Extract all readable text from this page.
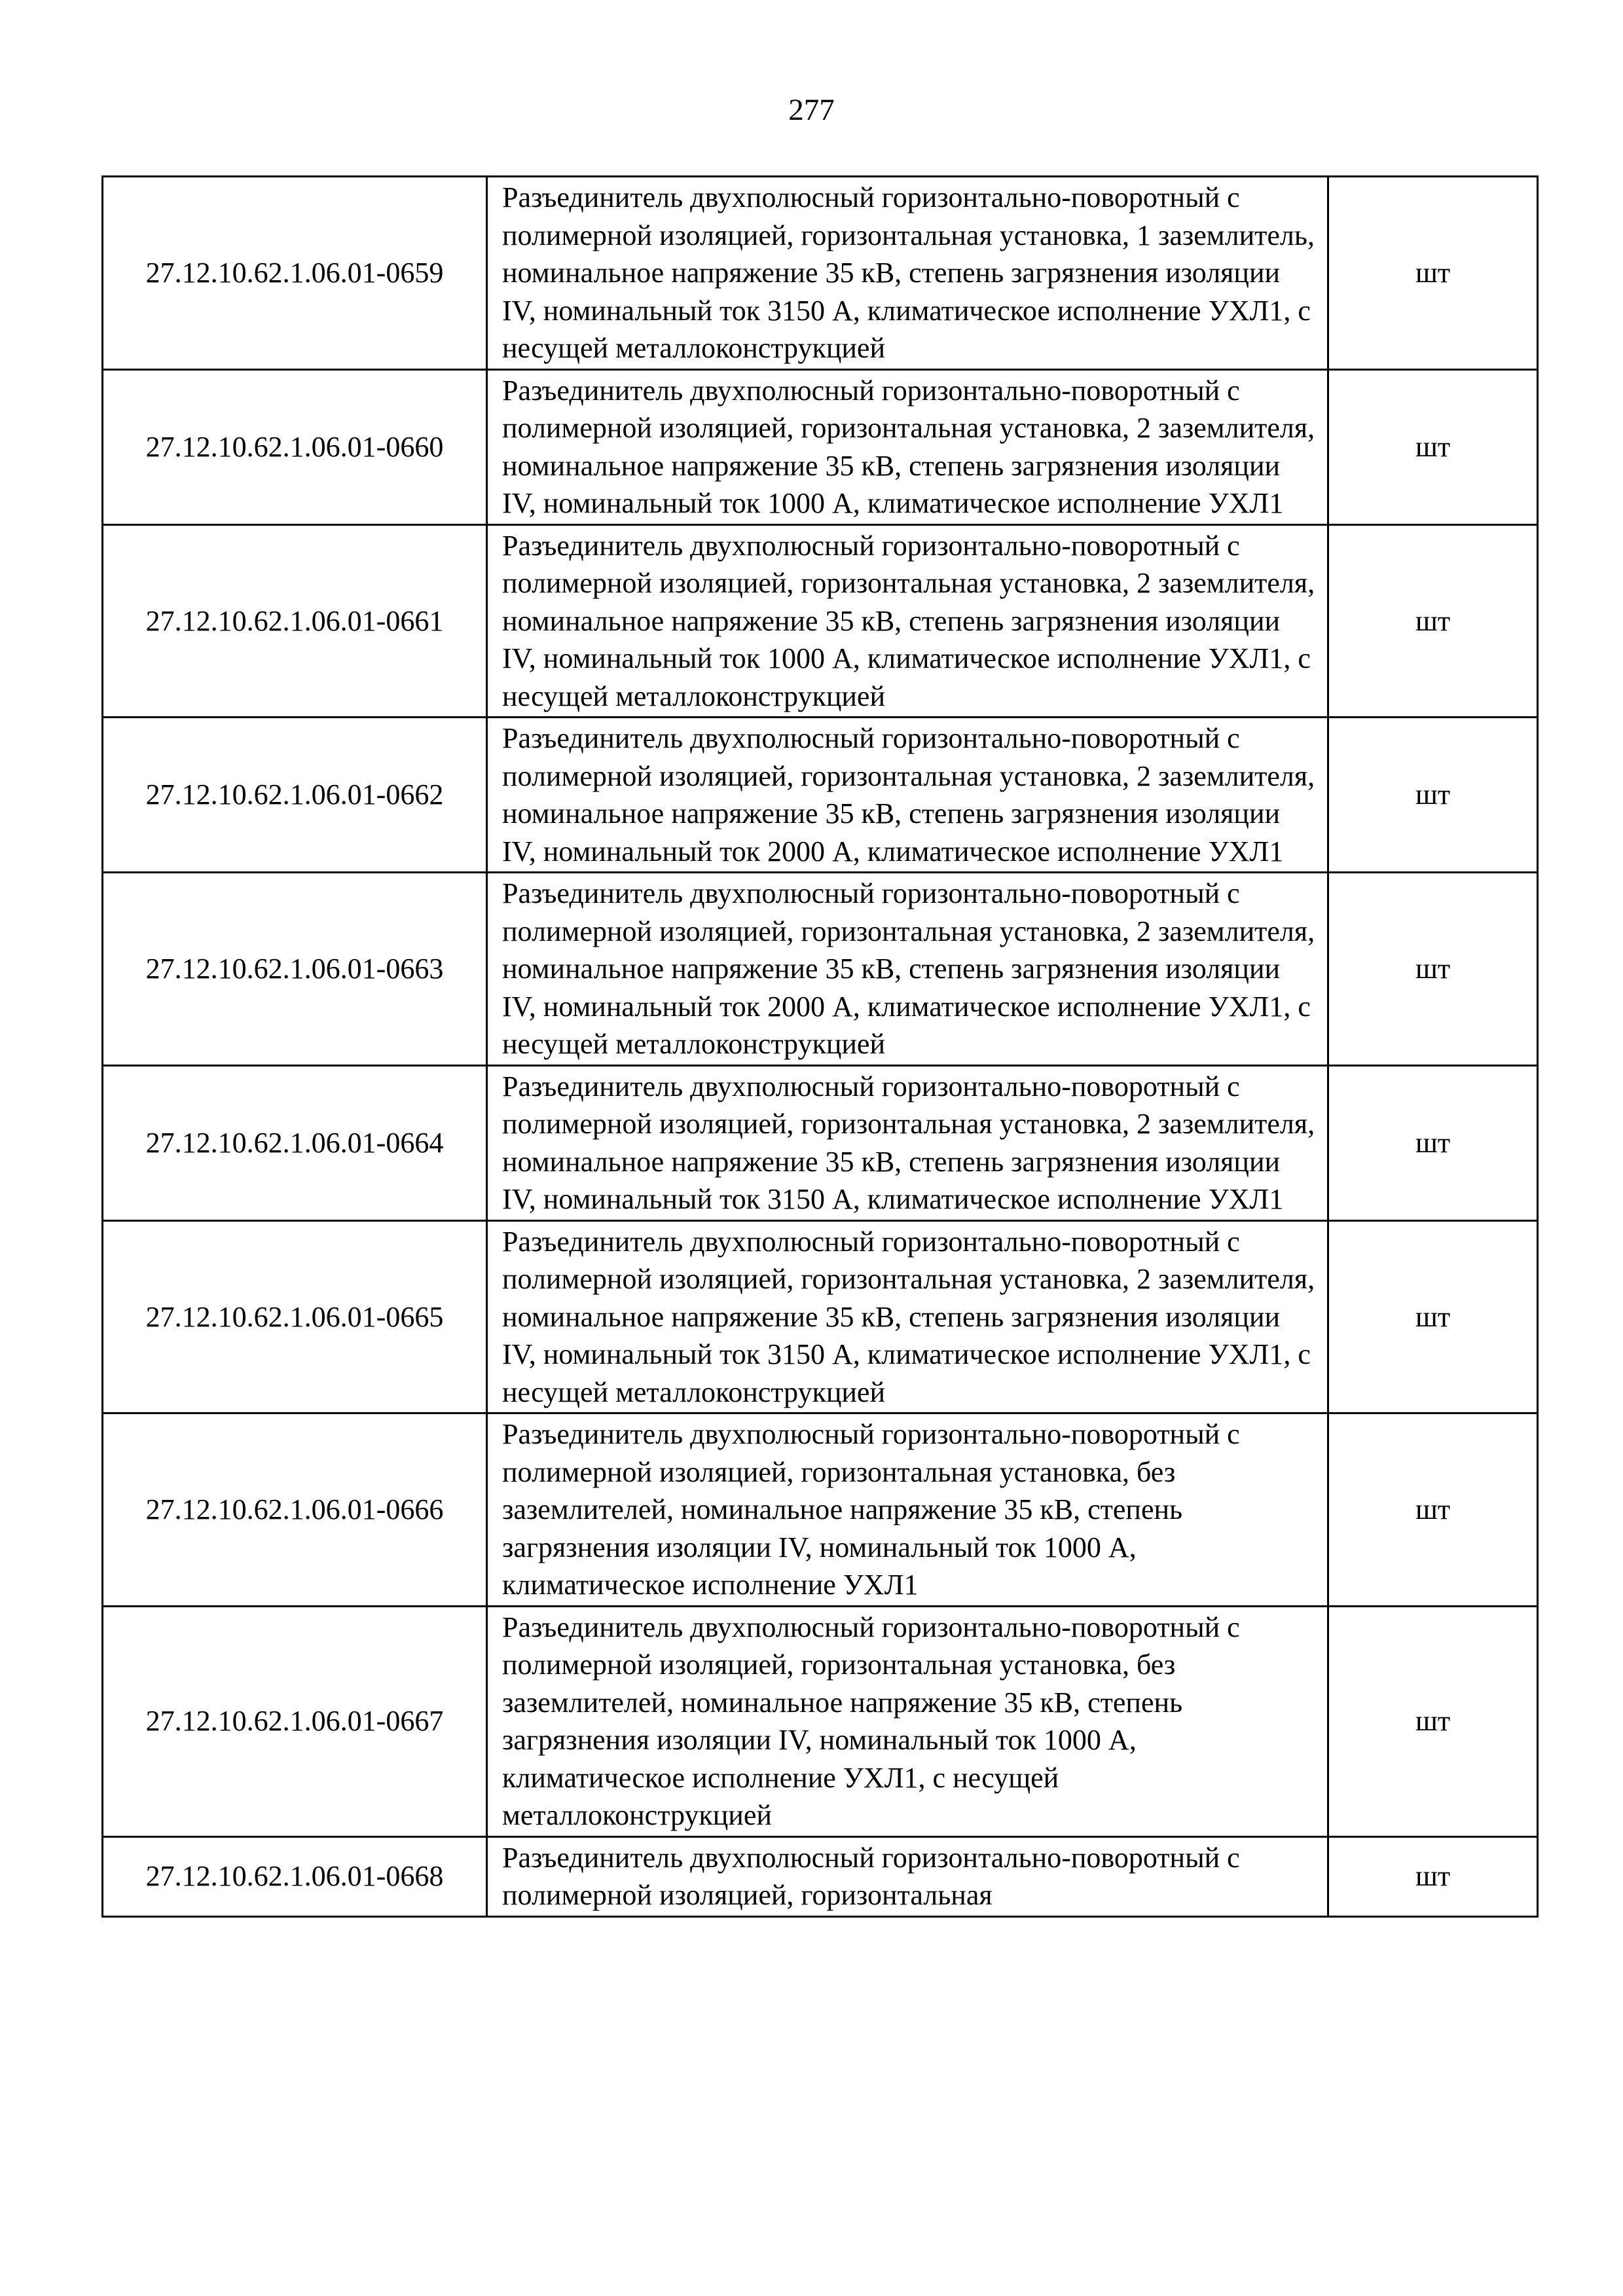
277
27.12.10.62.1.06.01-0659	Разъединитель двухполюсный горизонтально-поворотный с полимерной изоляцией, горизонтальная установка, 1 заземлитель, номинальное напряжение 35 кВ, степень загрязнения изоляции IV, номинальный ток 3150 А, климатическое исполнение УХЛ1, с несущей металлоконструкцией	шт
27.12.10.62.1.06.01-0660	Разъединитель двухполюсный горизонтально-поворотный с полимерной изоляцией, горизонтальная установка, 2 заземлителя, номинальное напряжение 35 кВ, степень загрязнения изоляции IV, номинальный ток 1000 А, климатическое исполнение УХЛ1	шт
27.12.10.62.1.06.01-0661	Разъединитель двухполюсный горизонтально-поворотный с полимерной изоляцией, горизонтальная установка, 2 заземлителя, номинальное напряжение 35 кВ, степень загрязнения изоляции IV, номинальный ток 1000 А, климатическое исполнение УХЛ1, с несущей металлоконструкцией	шт
27.12.10.62.1.06.01-0662	Разъединитель двухполюсный горизонтально-поворотный с полимерной изоляцией, горизонтальная установка, 2 заземлителя, номинальное напряжение 35 кВ, степень загрязнения изоляции IV, номинальный ток 2000 А, климатическое исполнение УХЛ1	шт
27.12.10.62.1.06.01-0663	Разъединитель двухполюсный горизонтально-поворотный с полимерной изоляцией, горизонтальная установка, 2 заземлителя, номинальное напряжение 35 кВ, степень загрязнения изоляции IV, номинальный ток 2000 А, климатическое исполнение УХЛ1, с несущей металлоконструкцией	шт
27.12.10.62.1.06.01-0664	Разъединитель двухполюсный горизонтально-поворотный с полимерной изоляцией, горизонтальная установка, 2 заземлителя, номинальное напряжение 35 кВ, степень загрязнения изоляции IV, номинальный ток 3150 А, климатическое исполнение УХЛ1	шт
27.12.10.62.1.06.01-0665	Разъединитель двухполюсный горизонтально-поворотный с полимерной изоляцией, горизонтальная установка, 2 заземлителя, номинальное напряжение 35 кВ, степень загрязнения изоляции IV, номинальный ток 3150 А, климатическое исполнение УХЛ1, с несущей металлоконструкцией	шт
27.12.10.62.1.06.01-0666	Разъединитель двухполюсный горизонтально-поворотный с полимерной изоляцией, горизонтальная установка, без заземлителей, номинальное напряжение 35 кВ, степень загрязнения изоляции IV, номинальный ток 1000 А, климатическое исполнение УХЛ1	шт
27.12.10.62.1.06.01-0667	Разъединитель двухполюсный горизонтально-поворотный с полимерной изоляцией, горизонтальная установка, без заземлителей, номинальное напряжение 35 кВ, степень загрязнения изоляции IV, номинальный ток 1000 А, климатическое исполнение УХЛ1, с несущей металлоконструкцией	шт
27.12.10.62.1.06.01-0668	Разъединитель двухполюсный горизонтально-поворотный с полимерной изоляцией, горизонтальная	шт
